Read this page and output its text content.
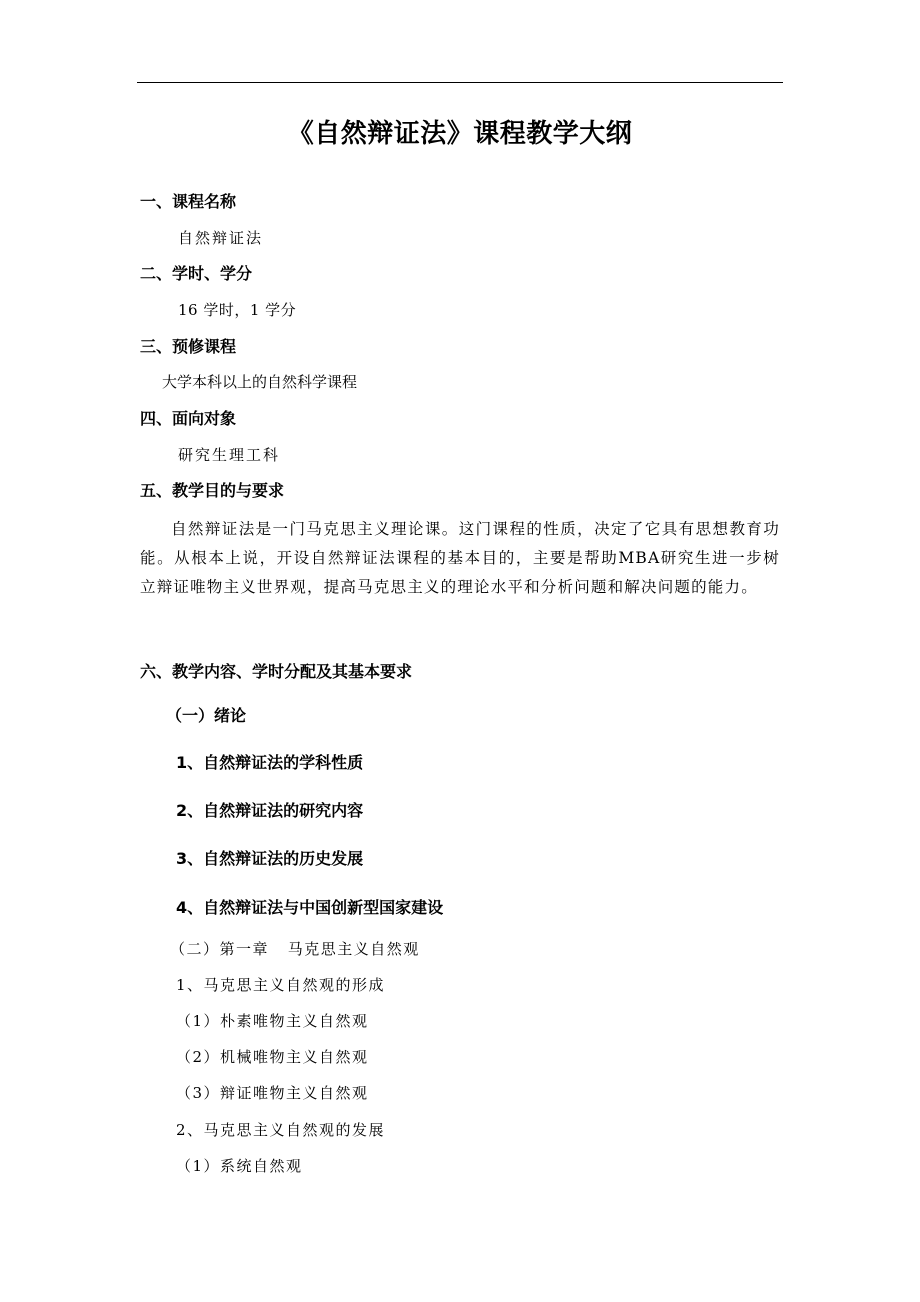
《自然辩证法》课程教学大纲
一、课程名称
自然辩证法
二、学时、学分
16 学时，1 学分
三、预修课程
大学本科以上的自然科学课程
四、面向对象
研究生理工科
五、教学目的与要求
自然辩证法是一门马克思主义理论课。这门课程的性质，决定了它具有思想教育功能。从根本上说，开设自然辩证法课程的基本目的，主要是帮助MBA研究生进一步树立辩证唯物主义世界观，提高马克思主义的理论水平和分析问题和解决问题的能力。
六、教学内容、学时分配及其基本要求
（一）绪论
1、自然辩证法的学科性质
2、自然辩证法的研究内容
3、自然辩证法的历史发展
4、自然辩证法与中国创新型国家建设
（二）第一章   马克思主义自然观
1、马克思主义自然观的形成
（1）朴素唯物主义自然观
（2）机械唯物主义自然观
（3）辩证唯物主义自然观
2、马克思主义自然观的发展
（1）系统自然观
